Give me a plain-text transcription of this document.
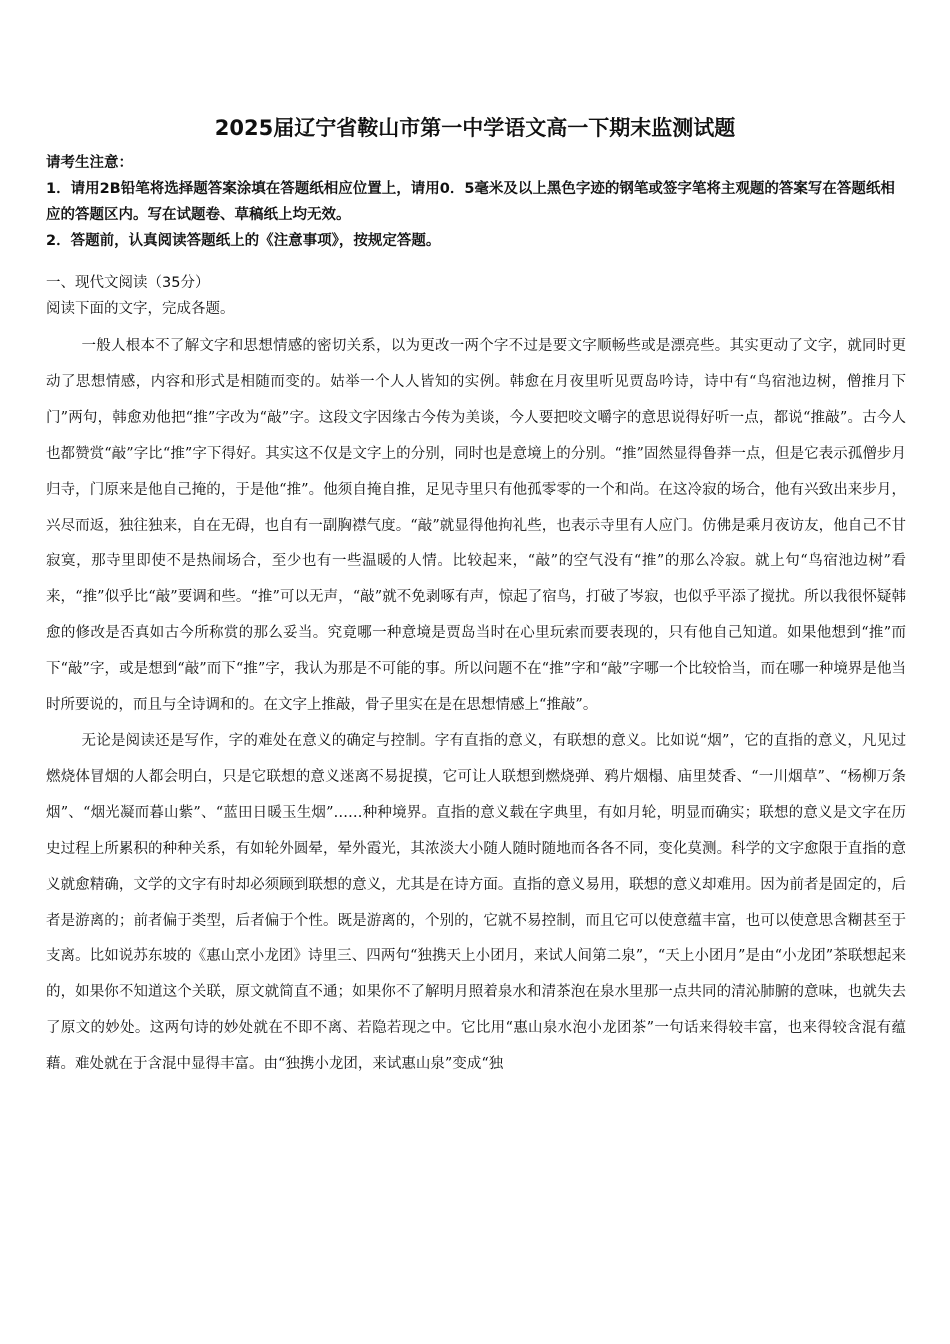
2025届辽宁省鞍山市第一中学语文高一下期末监测试题
请考生注意：
1．请用2B铅笔将选择题答案涂填在答题纸相应位置上，请用0．5毫米及以上黑色字迹的钢笔或签字笔将主观题的答案写在答题纸相应的答题区内。写在试题卷、草稿纸上均无效。
2．答题前，认真阅读答题纸上的《注意事项》，按规定答题。
一、现代文阅读（35分）
阅读下面的文字，完成各题。

一般人根本不了解文字和思想情感的密切关系，以为更改一两个字不过是要文字顺畅些或是漂亮些。其实更动了文字，就同时更动了思想情感，内容和形式是相随而变的。姑举一个人人皆知的实例。韩愈在月夜里听见贾岛吟诗，诗中有“鸟宿池边树，僧推月下门”两句，韩愈劝他把“推”字改为“敲”字。这段文字因缘古今传为美谈，今人要把咬文嚼字的意思说得好听一点，都说“推敲”。古今人也都赞赏“敲”字比“推”字下得好。其实这不仅是文字上的分别，同时也是意境上的分别。“推”固然显得鲁莽一点，但是它表示孤僧步月归寺，门原来是他自己掩的，于是他“推”。他须自掩自推，足见寺里只有他孤零零的一个和尚。在这冷寂的场合，他有兴致出来步月，兴尽而返，独往独来，自在无碍，也自有一副胸襟气度。“敲”就显得他拘礼些，也表示寺里有人应门。仿佛是乘月夜访友，他自己不甘寂寞，那寺里即使不是热闹场合，至少也有一些温暖的人情。比较起来，“敲”的空气没有“推”的那么冷寂。就上句“鸟宿池边树”看来，“推”似乎比“敲”要调和些。“推”可以无声，“敲”就不免剥啄有声，惊起了宿鸟，打破了岑寂，也似乎平添了搅扰。所以我很怀疑韩愈的修改是否真如古今所称赏的那么妥当。究竟哪一种意境是贾岛当时在心里玩索而要表现的，只有他自己知道。如果他想到“推”而下“敲”字，或是想到“敲”而下“推”字，我认为那是不可能的事。所以问题不在“推”字和“敲”字哪一个比较恰当，而在哪一种境界是他当时所要说的，而且与全诗调和的。在文字上推敲，骨子里实在是在思想情感上“推敲”。

无论是阅读还是写作，字的难处在意义的确定与控制。字有直指的意义，有联想的意义。比如说“烟”，它的直指的意义，凡见过燃烧体冒烟的人都会明白，只是它联想的意义迷离不易捉摸，它可让人联想到燃烧弹、鸦片烟榻、庙里焚香、“一川烟草”、“杨柳万条烟”、“烟光凝而暮山紫”、“蓝田日暖玉生烟”……种种境界。直指的意义载在字典里，有如月轮，明显而确实；联想的意义是文字在历史过程上所累积的种种关系，有如轮外圆晕，晕外霞光，其浓淡大小随人随时随地而各各不同，变化莫测。科学的文字愈限于直指的意义就愈精确，文学的文字有时却必须顾到联想的意义，尤其是在诗方面。直指的意义易用，联想的意义却难用。因为前者是固定的，后者是游离的；前者偏于类型，后者偏于个性。既是游离的，个别的，它就不易控制，而且它可以使意蕴丰富，也可以使意思含糊甚至于支离。比如说苏东坡的《惠山烹小龙团》诗里三、四两句“独携天上小团月，来试人间第二泉”，“天上小团月”是由“小龙团”茶联想起来的，如果你不知道这个关联，原文就简直不通；如果你不了解明月照着泉水和清茶泡在泉水里那一点共同的清沁肺腑的意味，也就失去了原文的妙处。这两句诗的妙处就在不即不离、若隐若现之中。它比用“惠山泉水泡小龙团茶”一句话来得较丰富，也来得较含混有蕴藉。难处就在于含混中显得丰富。由“独携小龙团，来试惠山泉”变成“独
